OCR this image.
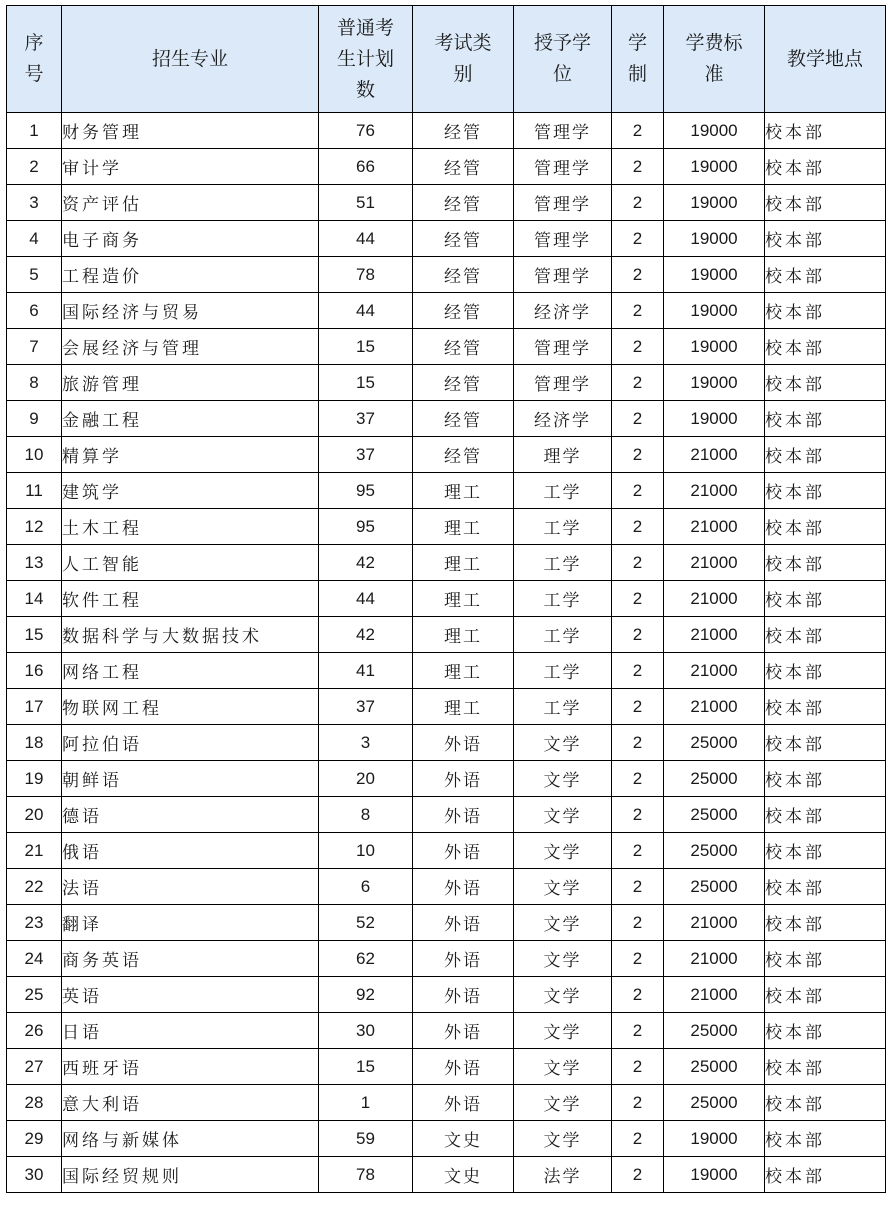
序号	招生专业	普通考生计划数	考试类别	授予学位	学制	学费标准	教学地点
1	财务管理	76	经管	管理学	2	19000	校本部
2	审计学	66	经管	管理学	2	19000	校本部
3	资产评估	51	经管	管理学	2	19000	校本部
4	电子商务	44	经管	管理学	2	19000	校本部
5	工程造价	78	经管	管理学	2	19000	校本部
6	国际经济与贸易	44	经管	经济学	2	19000	校本部
7	会展经济与管理	15	经管	管理学	2	19000	校本部
8	旅游管理	15	经管	管理学	2	19000	校本部
9	金融工程	37	经管	经济学	2	19000	校本部
10	精算学	37	经管	理学	2	21000	校本部
11	建筑学	95	理工	工学	2	21000	校本部
12	土木工程	95	理工	工学	2	21000	校本部
13	人工智能	42	理工	工学	2	21000	校本部
14	软件工程	44	理工	工学	2	21000	校本部
15	数据科学与大数据技术	42	理工	工学	2	21000	校本部
16	网络工程	41	理工	工学	2	21000	校本部
17	物联网工程	37	理工	工学	2	21000	校本部
18	阿拉伯语	3	外语	文学	2	25000	校本部
19	朝鲜语	20	外语	文学	2	25000	校本部
20	德语	8	外语	文学	2	25000	校本部
21	俄语	10	外语	文学	2	25000	校本部
22	法语	6	外语	文学	2	25000	校本部
23	翻译	52	外语	文学	2	21000	校本部
24	商务英语	62	外语	文学	2	21000	校本部
25	英语	92	外语	文学	2	21000	校本部
26	日语	30	外语	文学	2	25000	校本部
27	西班牙语	15	外语	文学	2	25000	校本部
28	意大利语	1	外语	文学	2	25000	校本部
29	网络与新媒体	59	文史	文学	2	19000	校本部
30	国际经贸规则	78	文史	法学	2	19000	校本部
